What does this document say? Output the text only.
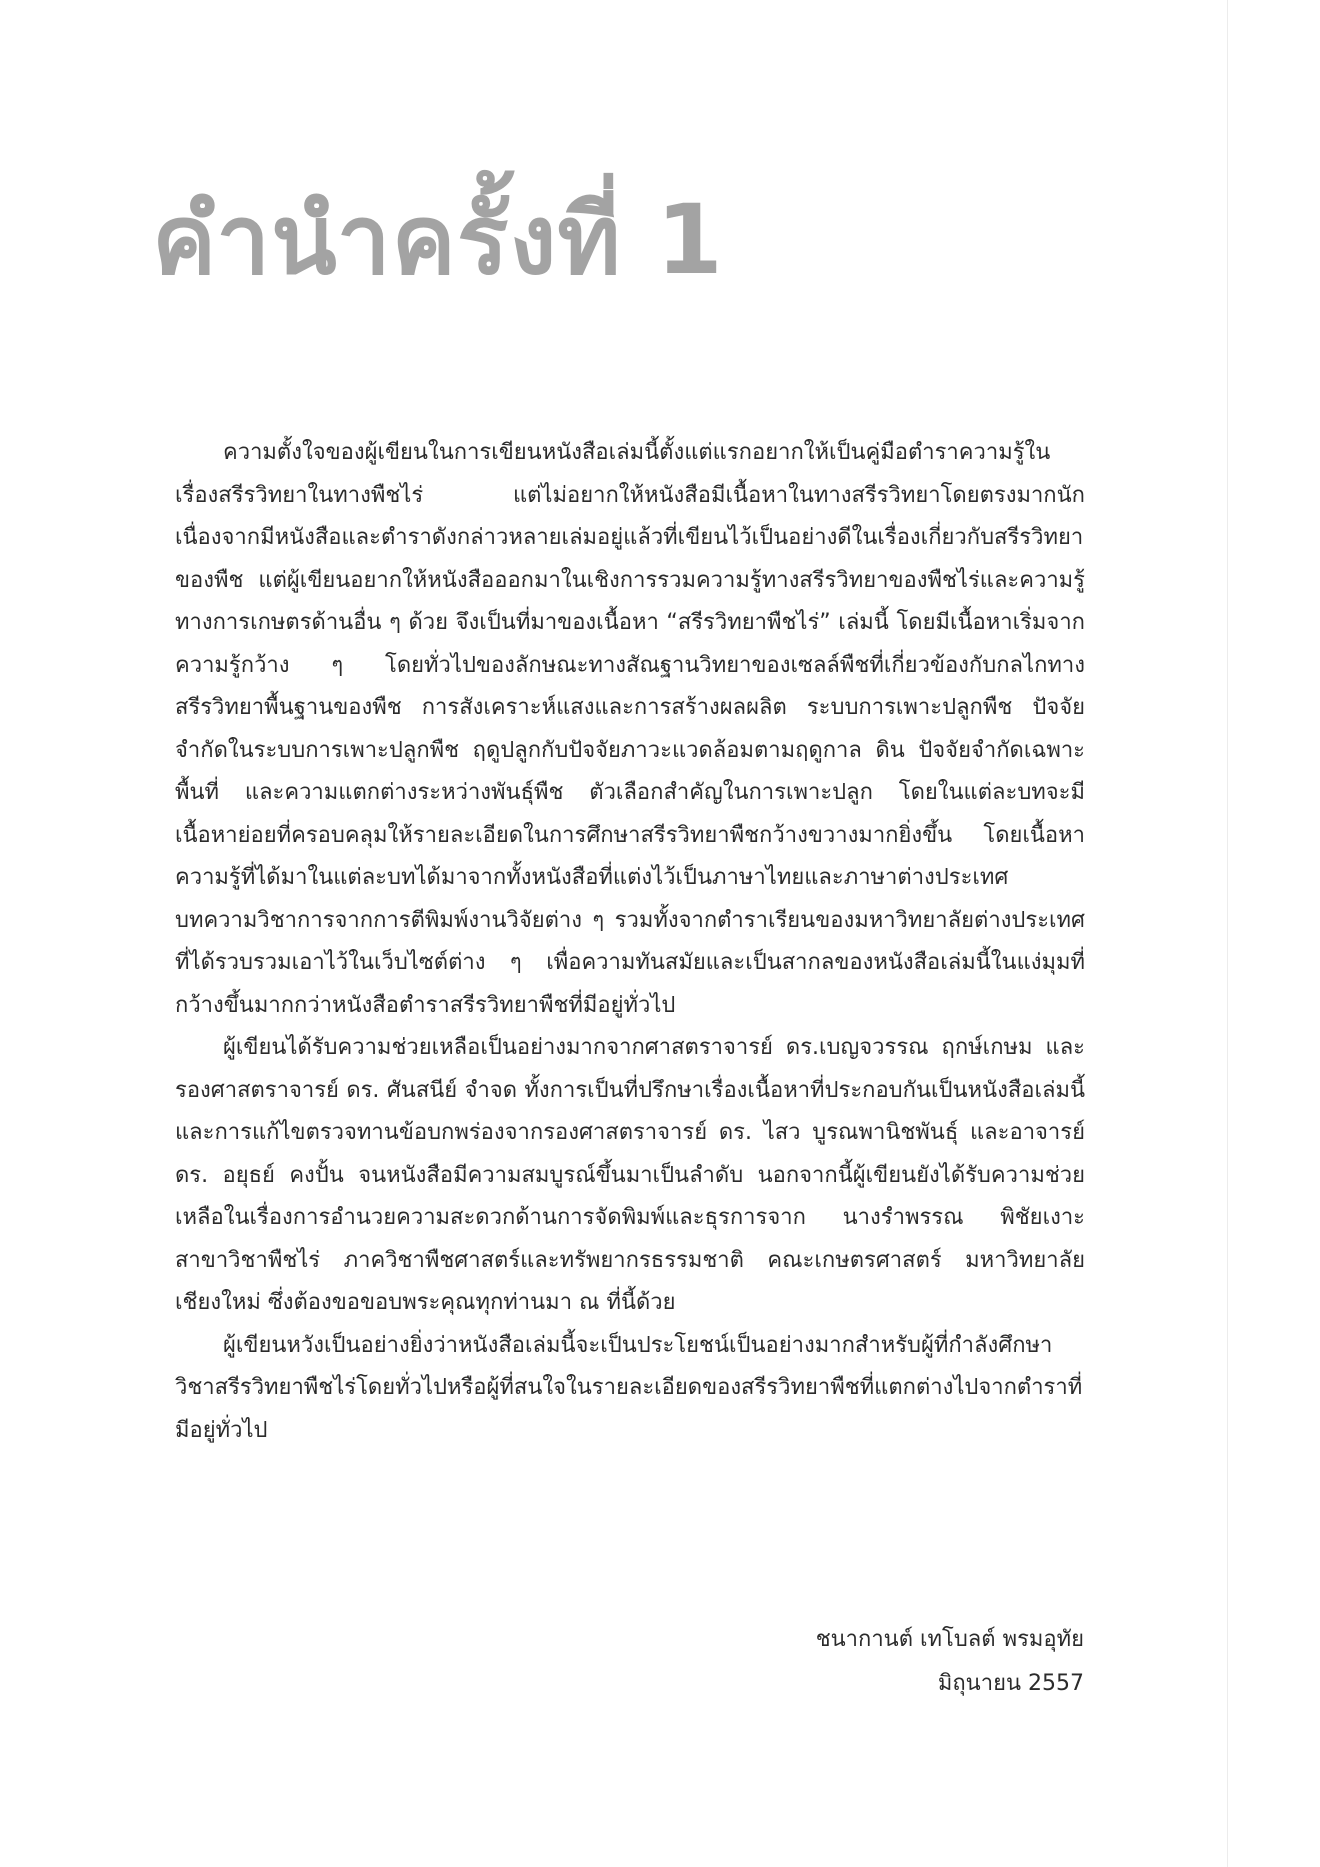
คำนำครั้งที่ 1

ความตั้งใจของผู้เขียนในการเขียนหนังสือเล่มนี้ตั้งแต่แรกอยากให้เป็นคู่มือตำราความรู้ในเรื่องสรีรวิทยาในทางพืชไร่ แต่ไม่อยากให้หนังสือมีเนื้อหาในทางสรีรวิทยาโดยตรงมากนัก เนื่องจากมีหนังสือและตำราดังกล่าวหลายเล่มอยู่แล้วที่เขียนไว้เป็นอย่างดีในเรื่องเกี่ยวกับสรีรวิทยาของพืช แต่ผู้เขียนอยากให้หนังสือออกมาในเชิงการรวมความรู้ทางสรีรวิทยาของพืชไร่และความรู้ทางการเกษตรด้านอื่น ๆ ด้วย จึงเป็นที่มาของเนื้อหา “สรีรวิทยาพืชไร่” เล่มนี้ โดยมีเนื้อหาเริ่มจากความรู้กว้าง ๆ โดยทั่วไปของลักษณะทางสัณฐานวิทยาของเซลล์พืชที่เกี่ยวข้องกับกลไกทางสรีรวิทยาพื้นฐานของพืช การสังเคราะห์แสงและการสร้างผลผลิต ระบบการเพาะปลูกพืช ปัจจัยจำกัดในระบบการเพาะปลูกพืช ฤดูปลูกกับปัจจัยภาวะแวดล้อมตามฤดูกาล ดิน ปัจจัยจำกัดเฉพาะพื้นที่ และความแตกต่างระหว่างพันธุ์พืช ตัวเลือกสำคัญในการเพาะปลูก โดยในแต่ละบทจะมีเนื้อหาย่อยที่ครอบคลุมให้รายละเอียดในการศึกษาสรีรวิทยาพืชกว้างขวางมากยิ่งขึ้น โดยเนื้อหาความรู้ที่ได้มาในแต่ละบทได้มาจากทั้งหนังสือที่แต่งไว้เป็นภาษาไทยและภาษาต่างประเทศ บทความวิชาการจากการตีพิมพ์งานวิจัยต่าง ๆ รวมทั้งจากตำราเรียนของมหาวิทยาลัยต่างประเทศที่ได้รวบรวมเอาไว้ในเว็บไซต์ต่าง ๆ เพื่อความทันสมัยและเป็นสากลของหนังสือเล่มนี้ในแง่มุมที่กว้างขึ้นมากกว่าหนังสือตำราสรีรวิทยาพืชที่มีอยู่ทั่วไป

ผู้เขียนได้รับความช่วยเหลือเป็นอย่างมากจากศาสตราจารย์ ดร.เบญจวรรณ ฤกษ์เกษม และ รองศาสตราจารย์ ดร. ศันสนีย์ จำจด ทั้งการเป็นที่ปรึกษาเรื่องเนื้อหาที่ประกอบกันเป็นหนังสือเล่มนี้และการแก้ไขตรวจทานข้อบกพร่องจากรองศาสตราจารย์ ดร. ไสว บูรณพานิชพันธุ์ และอาจารย์ ดร. อยุธย์ คงปั้น จนหนังสือมีความสมบูรณ์ขึ้นมาเป็นลำดับ นอกจากนี้ผู้เขียนยังได้รับความช่วยเหลือในเรื่องการอำนวยความสะดวกด้านการจัดพิมพ์และธุรการจาก นางรำพรรณ พิชัยเงาะ สาขาวิชาพืชไร่ ภาควิชาพืชศาสตร์และทรัพยากรธรรมชาติ คณะเกษตรศาสตร์ มหาวิทยาลัยเชียงใหม่ ซึ่งต้องขอขอบพระคุณทุกท่านมา ณ ที่นี้ด้วย

ผู้เขียนหวังเป็นอย่างยิ่งว่าหนังสือเล่มนี้จะเป็นประโยชน์เป็นอย่างมากสำหรับผู้ที่กำลังศึกษาวิชาสรีรวิทยาพืชไร่โดยทั่วไปหรือผู้ที่สนใจในรายละเอียดของสรีรวิทยาพืชที่แตกต่างไปจากตำราที่มีอยู่ทั่วไป

ชนากานต์ เทโบลต์ พรมอุทัย
มิถุนายน 2557
